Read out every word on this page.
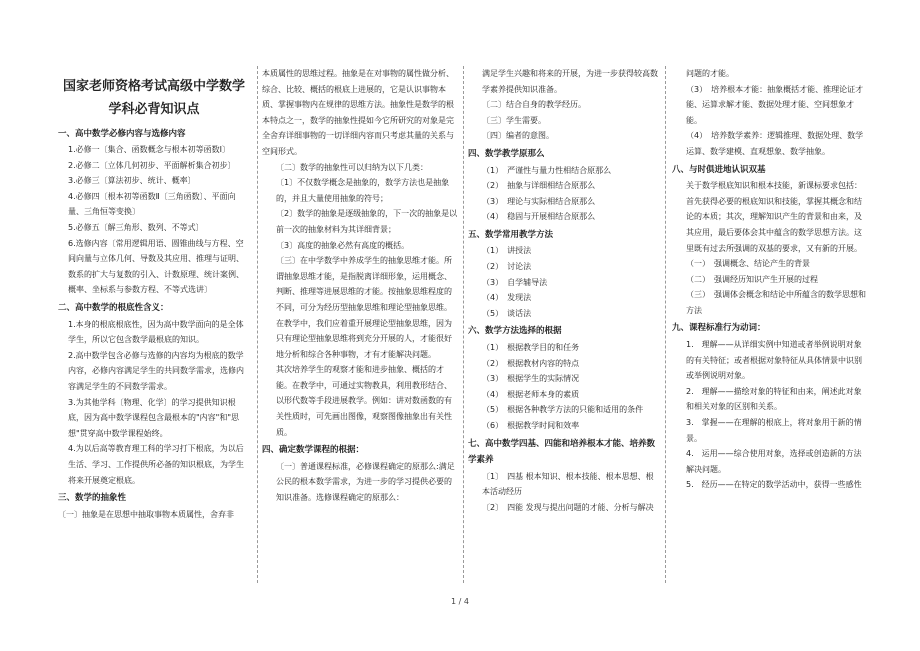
国家老师资格考试高级中学数学学科必背知识点
一、高中数学必修内容与选修内容
1.必修一〔集合、函数概念与根本初等函数Ⅰ〕
2.必修二〔立体几何初步、平面解析集合初步〕
3.必修三〔算法初步、统计、概率〕
4.必修四〔根本初等函数Ⅱ〔三角函数〕、平面向量、三角恒等变换〕
5.必修五〔解三角形、数列、不等式〕
6.选修内容〔常用逻辑用语、圆锥曲线与方程、空间向量与立体几何、导数及其应用、推理与证明、数系的扩大与复数的引入、计数原理、统计案例、概率、坐标系与参数方程、不等式选讲〕
二、高中数学的根底性含义：
1.本身的根底根底性，因为高中数学面向的是全体学生，所以它包含数学最根底的知识。
2.高中数学包含必修与选修的内容均为根底的数学内容，必修内容满足学生的共同数学需求，选修内容满足学生的不同数学需求。
3.为其他学科〔物理、化学〕的学习提供知识根底，因为高中数学课程包含最根本的"内容"和"思想"贯穿高中数学课程始终。
4.为以后高等教育理工科的学习打下根底，为以后生活、学习、工作提供所必备的知识根底，为学生将来开展奠定根底。
三、数学的抽象性
〔一〕抽象是在思想中抽取事物本质属性，舍弃非
本质属性的思维过程。抽象是在对事物的属性做分析、综合、比较、概括的根底上进展的，它是认识事物本质、掌握事物内在规律的思维方法。抽象性是数学的根本特点之一，数学的抽象性提如今它所研究的对象是完全舍弃详细事物的一切详细内容而只考虑其量的关系与空间形式。
〔二〕数学的抽象性可以归纳为以下几类：
〔1〕不仅数学概念是抽象的，数学方法也是抽象的，并且大量使用抽象的符号；
〔2〕数学的抽象是逐级抽象的，下一次的抽象是以前一次的抽象材料为其详细背景；
〔3〕高度的抽象必然有高度的概括。
〔三〕在中学数学中养成学生的抽象思维才能。所谓抽象思维才能，是指脱离详细形象，运用概念、判断、推理等进展思维的才能。按抽象思维程度的不同，可分为经历型抽象思维和理论型抽象思维。在教学中，我们应着重开展理论型抽象思维，因为只有理论型抽象思维将到充分开展的人，才能很好地分析和综合各种事物，才有才能解决问题。
其次培养学生的观察才能和进步抽象、概括的才能。在教学中，可通过实物教具，利用教形结合、以形代数等手段进展教学。例如：讲对数函数的有关性质时，可先画出图像，观察图像抽象出有关性质。
四、确定数学课程的根据：
〔一〕普通课程标准，必修课程确定的原那么:满足公民的根本数学需求，为进一步的学习提供必要的知识准备。选修课程确定的原那么：
满足学生兴趣和将来的开展，为进一步获得较高数学素养提供知识准备。
〔二〕结合自身的教学经历。
〔三〕学生需要。
〔四〕编者的意图。
四、数学教学原那么
（1）　严谨性与量力性相结合原那么
（2）　抽象与详细相结合原那么
（3）　理论与实际相结合原那么
（4）　稳固与开展相结合原那么
五、数学常用教学方法
（1）　讲授法
（2）　讨论法
（3）　自学辅导法
（4）　发现法
（5）　谈话法
六、数学方法选择的根据
（1）　根据教学目的和任务
（2）　根据教材内容的特点
（3）　根据学生的实际情况
（4）　根据老师本身的素质
（5）　根据各种教学方法的只能和适用的条件
（6）　根据教学时间和效率
七、高中数学四基、四能和培养根本才能、培养数学素养
〔1〕　四基 根本知识、根本技能、根本思想、根本活动经历
〔2〕　四能 发现与提出问题的才能、分析与解决
问题的才能。
（3）　培养根本才能：抽象概括才能、推理论证才能、运算求解才能、数据处理才能、空间想象才能。
（4）　培养数学素养：逻辑推理、数据处理、数学运算、数学建模、直观想象、数学抽象。
八、与时俱进地认识双基
关于数学根底知识和根本技能，新课标要求包括：首先获得必要的根底知识和技能，掌握其概念和结论的本质；其次，理解知识产生的背景和由来，及其应用，最后要体会其中蕴含的数学思想方法。这里既有过去所强调的双基的要求，又有新的开展。
（一）　强调概念、结论产生的背景
（二）　强调经历知识产生开展的过程
（三）　强调体会概念和结论中所蕴含的数学思想和方法
九、课程标准行为动词：
1.　理解——从详细实例中知道或者举例说明对象的有关特征；或者根据对象特征从具体情景中识别或举例说明对象。
2.　理解——描绘对象的特征和由来，阐述此对象和相关对象的区别和关系。
3.　掌握——在理解的根底上，将对象用于新的情景。
4.　运用——综合使用对象，选择或创造新的方法解决问题。
5.　经历——在特定的数学活动中，获得一些感性
1 / 4
